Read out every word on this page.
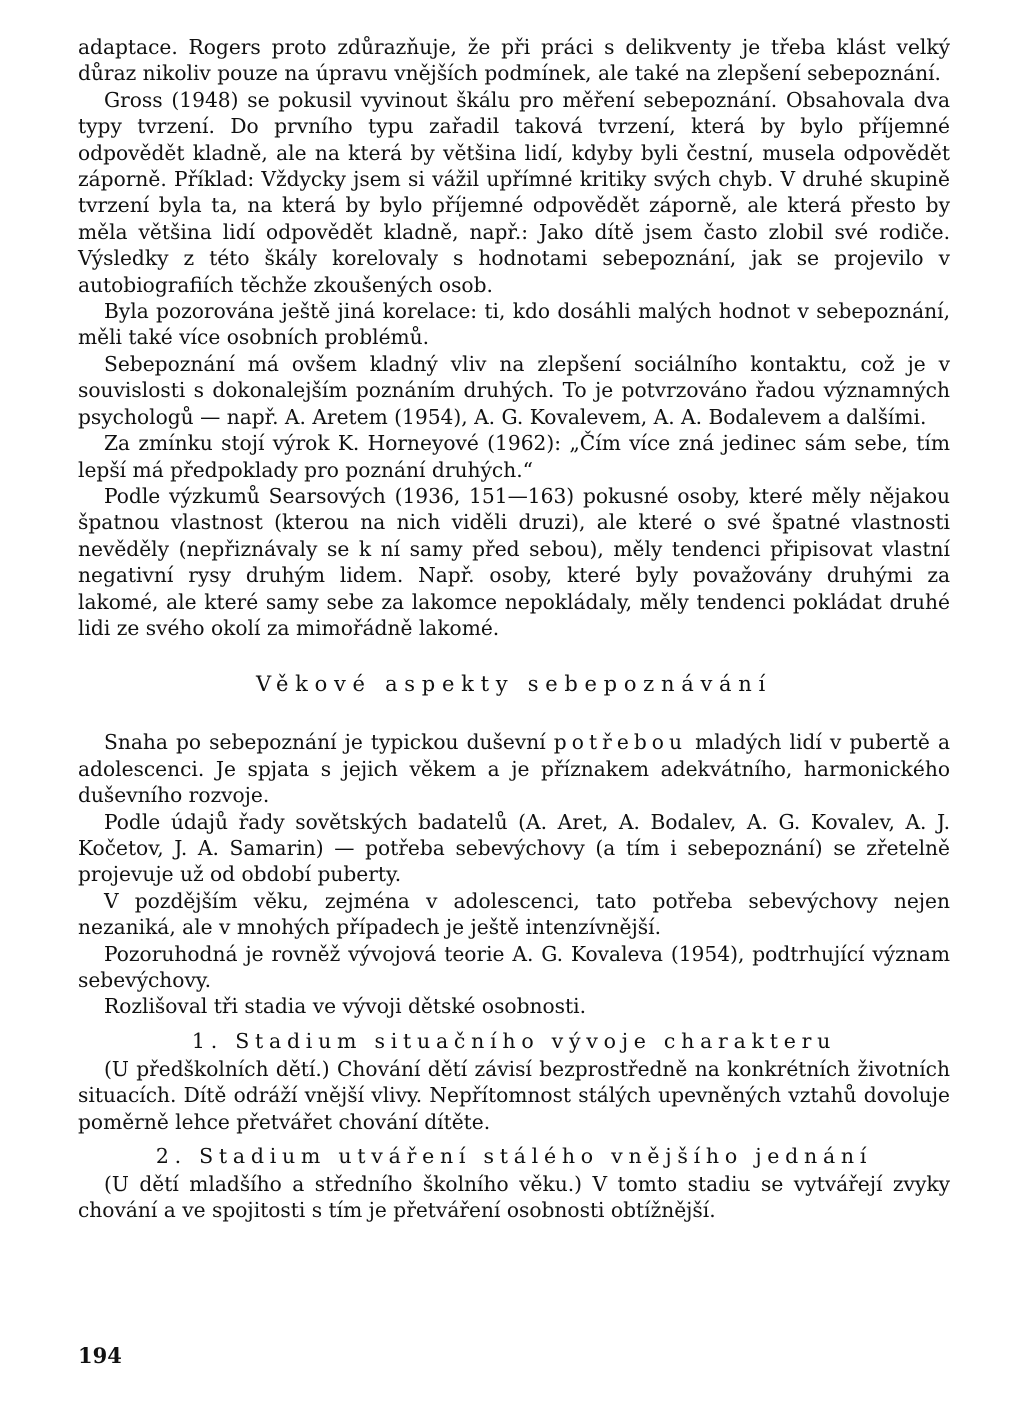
adaptace. Rogers proto zdůrazňuje, že při práci s delikventy je třeba klást velký důraz nikoliv pouze na úpravu vnějších podmínek, ale také na zlepšení sebepoznání.

Gross (1948) se pokusil vyvinout škálu pro měření sebepoznání. Obsahovala dva typy tvrzení. Do prvního typu zařadil taková tvrzení, která by bylo příjemné odpovědět kladně, ale na která by většina lidí, kdyby byli čestní, musela odpovědět záporně. Příklad: Vždycky jsem si vážil upřímné kritiky svých chyb. V druhé skupině tvrzení byla ta, na která by bylo příjemné odpovědět záporně, ale která přesto by měla většina lidí odpovědět kladně, např.: Jako dítě jsem často zlobil své rodiče. Výsledky z této škály korelovaly s hodnotami sebepoznání, jak se projevilo v autobiografiích těchže zkoušených osob.

Byla pozorována ještě jiná korelace: ti, kdo dosáhli malých hodnot v sebepoznání, měli také více osobních problémů.

Sebepoznání má ovšem kladný vliv na zlepšení sociálního kontaktu, což je v souvislosti s dokonalejším poznáním druhých. To je potvrzováno řadou významných psychologů — např. A. Aretem (1954), A. G. Kovalevem, A. A. Bodalevem a dalšími.

Za zmínku stojí výrok K. Horneyové (1962): „Čím více zná jedinec sám sebe, tím lepší má předpoklady pro poznání druhých.“

Podle výzkumů Searsových (1936, 151—163) pokusné osoby, které měly nějakou špatnou vlastnost (kterou na nich viděli druzi), ale které o své špatné vlastnosti nevěděly (nepřiznávaly se k ní samy před sebou), měly tendenci připisovat vlastní negativní rysy druhým lidem. Např. osoby, které byly považovány druhými za lakomé, ale které samy sebe za lakomce nepokládaly, měly tendenci pokládat druhé lidi ze svého okolí za mimořádně lakomé.

Věkové aspekty sebepoznávání

Snaha po sebepoznání je typickou duševní potřebou mladých lidí v pubertě a adolescenci. Je spjata s jejich věkem a je příznakem adekvátního, harmonického duševního rozvoje.

Podle údajů řady sovětských badatelů (A. Aret, A. Bodalev, A. G. Kovalev, A. J. Kočetov, J. A. Samarin) — potřeba sebevýchovy (a tím i sebepoznání) se zřetelně projevuje už od období puberty.

V pozdějším věku, zejména v adolescenci, tato potřeba sebevýchovy nejen nezaniká, ale v mnohých případech je ještě intenzívnější.

Pozoruhodná je rovněž vývojová teorie A. G. Kovaleva (1954), podtrhující význam sebevýchovy.

Rozlišoval tři stadia ve vývoji dětské osobnosti.

1. Stadium situačního vývoje charakteru

(U předškolních dětí.) Chování dětí závisí bezprostředně na konkrétních životních situacích. Dítě odráží vnější vlivy. Nepřítomnost stálých upevněných vztahů dovoluje poměrně lehce přetvářet chování dítěte.

2. Stadium utváření stálého vnějšího jednání

(U dětí mladšího a středního školního věku.) V tomto stadiu se vytvářejí zvyky chování a ve spojitosti s tím je přetváření osobnosti obtížnější.

194
